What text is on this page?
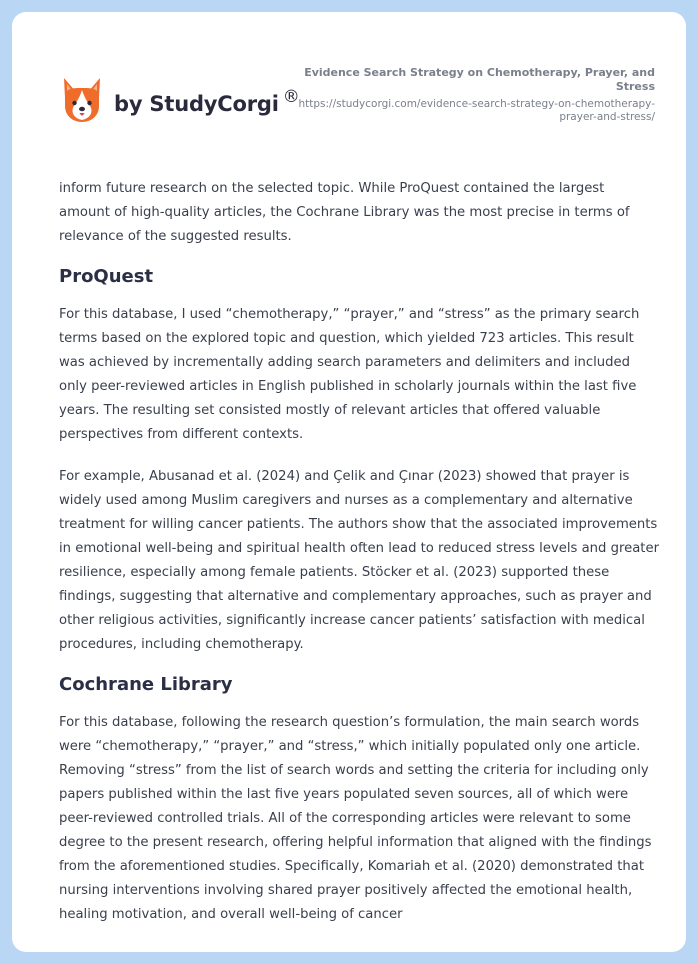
by StudyCorgi ®
Evidence Search Strategy on Chemotherapy, Prayer, and Stress
https://studycorgi.com/evidence-search-strategy-on-chemotherapy-prayer-and-stress/

inform future research on the selected topic. While ProQuest contained the largest amount of high-quality articles, the Cochrane Library was the most precise in terms of relevance of the suggested results.

ProQuest

For this database, I used “chemotherapy,” “prayer,” and “stress” as the primary search terms based on the explored topic and question, which yielded 723 articles. This result was achieved by incrementally adding search parameters and delimiters and included only peer-reviewed articles in English published in scholarly journals within the last five years. The resulting set consisted mostly of relevant articles that offered valuable perspectives from different contexts.

For example, Abusanad et al. (2024) and Çelik and Çınar (2023) showed that prayer is widely used among Muslim caregivers and nurses as a complementary and alternative treatment for willing cancer patients. The authors show that the associated improvements in emotional well-being and spiritual health often lead to reduced stress levels and greater resilience, especially among female patients. Stöcker et al. (2023) supported these findings, suggesting that alternative and complementary approaches, such as prayer and other religious activities, significantly increase cancer patients’ satisfaction with medical procedures, including chemotherapy.

Cochrane Library

For this database, following the research question’s formulation, the main search words were “chemotherapy,” “prayer,” and “stress,” which initially populated only one article. Removing “stress” from the list of search words and setting the criteria for including only papers published within the last five years populated seven sources, all of which were peer-reviewed controlled trials. All of the corresponding articles were relevant to some degree to the present research, offering helpful information that aligned with the findings from the aforementioned studies. Specifically, Komariah et al. (2020) demonstrated that nursing interventions involving shared prayer positively affected the emotional health, healing motivation, and overall well-being of cancer
